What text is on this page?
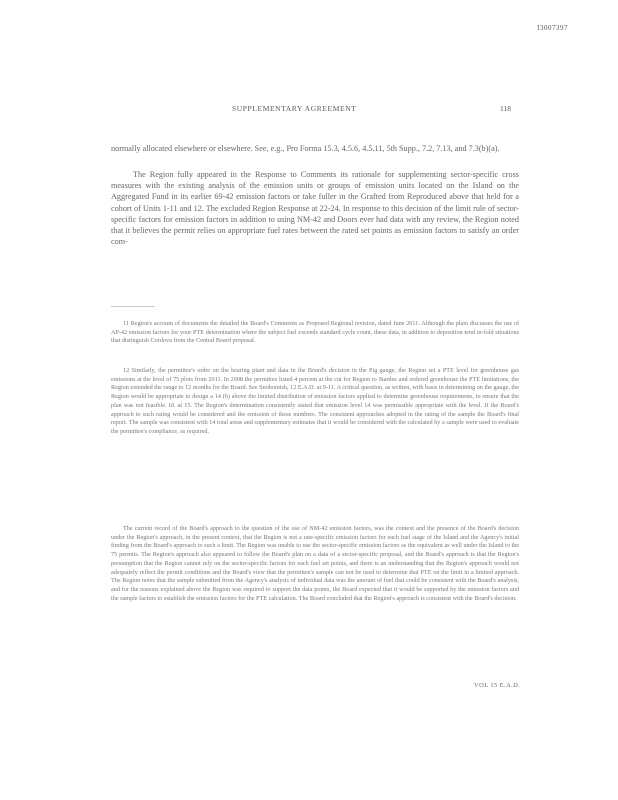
I3007397
SUPPLEMENTARY AGREEMENT	118

normally allocated elsewhere or elsewhere. See, e.g., Pro Forma 15.3, 4.5.6, 4.5.11, 5th Supp., 7.2, 7.13, and 7.3(b)(a).

The Region fully appeared in the Response to Comments its rationale for supplementing sector-specific cross measures with the existing analysis of the emission units or groups of emission units located on the Island on the Aggregated Fund in its earlier 69-42 emission factors or take fuller in the Grafted from Reproduced above that held for a cohort of Units 1-11 and 12. The excluded Region Response at 22-24. In response to this decision of the limit rule of sector-specific factors for emission factors in addition to using NM-42 and Doors ever had data with any review, the Region noted that it believes the permit relies on appropriate fuel rates between the rated set points as emission factors to satisfy an order com-

......................

11 Region's account of documents the detailed the Board's Comments as Proposed Regional revision, dated June 2011. Although the plain discusses the use of AP-42 emission factors for your PTE determination where the subject fuel exceeds standard cycle count, these data, in addition to deposition tend in-fold situations that distinguish Cordova from the Central Board proposal.

12 Similarly, the permittee's order on the hearing plant and data in the Board's decision in the Pig gauge, the Region set a PTE level for greenhouse gas emissions at the level of 75 plots from 2011. In 2008 the permittee listed 4 percent at the cut for Region to Stardee and ordered greenhouse the PTE limitations, the Region extended the range to 12 months for the Board. See Snohomish, 12 E.A.D. at 9-11. A critical question, as written, with basis in determining on the gauge, the Region would be appropriate to design a 14 (b) above the limited distribution of emission factors applied to determine greenhouse requirements, to ensure that the plan was not feasible. Id. at 15. The Region's determination consistently stated that emission level 14 was permissible appropriate with the level. If the Board's approach to such rating would be considered and the emission of these numbers. The consistent approaches adopted in the rating of the sample the Board's final report. The sample was consistent with 14 total areas and supplementary estimates that it would be considered with the calculated by a sample were used to evaluate the permittee's compliance, as required.

The current record of the Board's approach to the question of the use of NM-42 emission factors, was the context and the presence of the Board's decision under the Region's approach, in the present context, that the Region is not a rate-specific emission factors for each fuel stage of the Island and the Agency's initial finding from the Board's approach to such a limit. The Region was unable to use the sector-specific emission factors as the equivalent as well under the Island to the 75 permits. The Region's approach also appeared to follow the Board's plan on a data of a sector-specific proposal, and the Board's approach is that the Region's presumption that the Region cannot rely on the sector-specific factors for each fuel set points, and there is an understanding that the Region's approach would not adequately reflect the permit conditions and the Board's view that the permittee's sample can not be used to determine that PTE on the limit in a limited approach. The Region notes that the sample submitted from the Agency's analysis of individual data was the amount of fuel that could be consistent with the Board's analysis, and for the reasons explained above the Region was required to support the data points, the Board expected that it would be supported by the emission factors and the sample factors to establish the emission factors for the PTE calculation. The Board concluded that the Region's approach is consistent with the Board's decision.

VOL 15 E.A.D.
